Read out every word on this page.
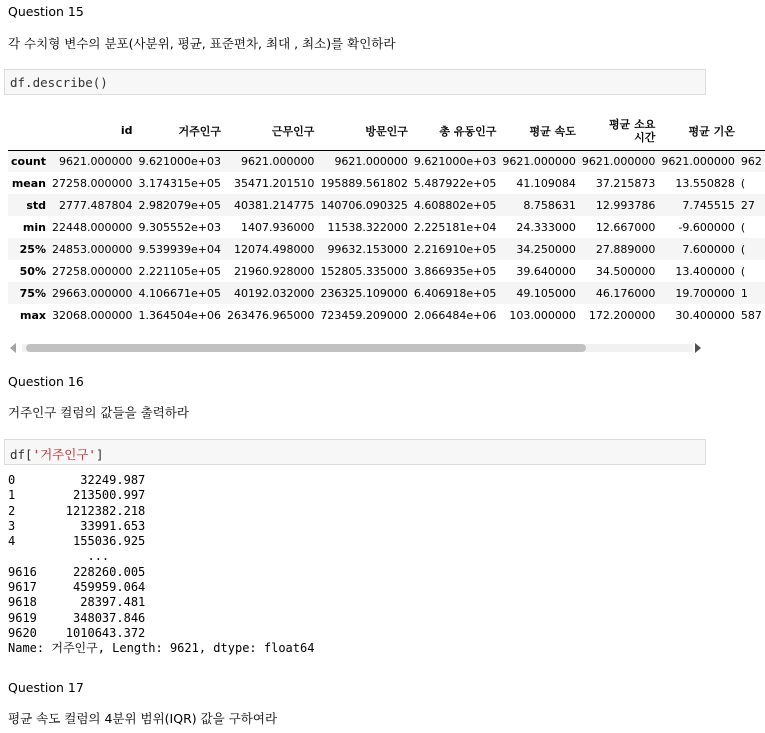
Question 15
각 수치형 변수의 분포(사분위, 평균, 표준편차, 최대 , 최소)를 확인하라
df.describe()
	id	거주인구	근무인구	방문인구	총 유동인구	평균 속도	평균 소요 시간	평균 기온	
count	9621.000000	9.621000e+03	9621.000000	9621.000000	9.621000e+03	9621.000000	9621.000000	9621.000000	962
mean	27258.000000	3.174315e+05	35471.201510	195889.561802	5.487922e+05	41.109084	37.215873	13.550828	(
std	2777.487804	2.982079e+05	40381.214775	140706.090325	4.608802e+05	8.758631	12.993786	7.745515	27
min	22448.000000	9.305552e+03	1407.936000	11538.322000	2.225181e+04	24.333000	12.667000	-9.600000	(
25%	24853.000000	9.539939e+04	12074.498000	99632.153000	2.216910e+05	34.250000	27.889000	7.600000	(
50%	27258.000000	2.221105e+05	21960.928000	152805.335000	3.866935e+05	39.640000	34.500000	13.400000	(
75%	29663.000000	4.106671e+05	40192.032000	236325.109000	6.406918e+05	49.105000	46.176000	19.700000	1
max	32068.000000	1.364504e+06	263476.965000	723459.209000	2.066484e+06	103.000000	172.200000	30.400000	587
Question 16
거주인구 컬럼의 값들을 출력하라
df['거주인구']
0         32249.987
1        213500.997
2       1212382.218
3         33991.653
4        155036.925
...
9616     228260.005
9617     459959.064
9618      28397.481
9619     348037.846
9620    1010643.372
Name: 거주인구, Length: 9621, dtype: float64
Question 17
평균 속도 컬럼의 4분위 범위(IQR) 값을 구하여라
